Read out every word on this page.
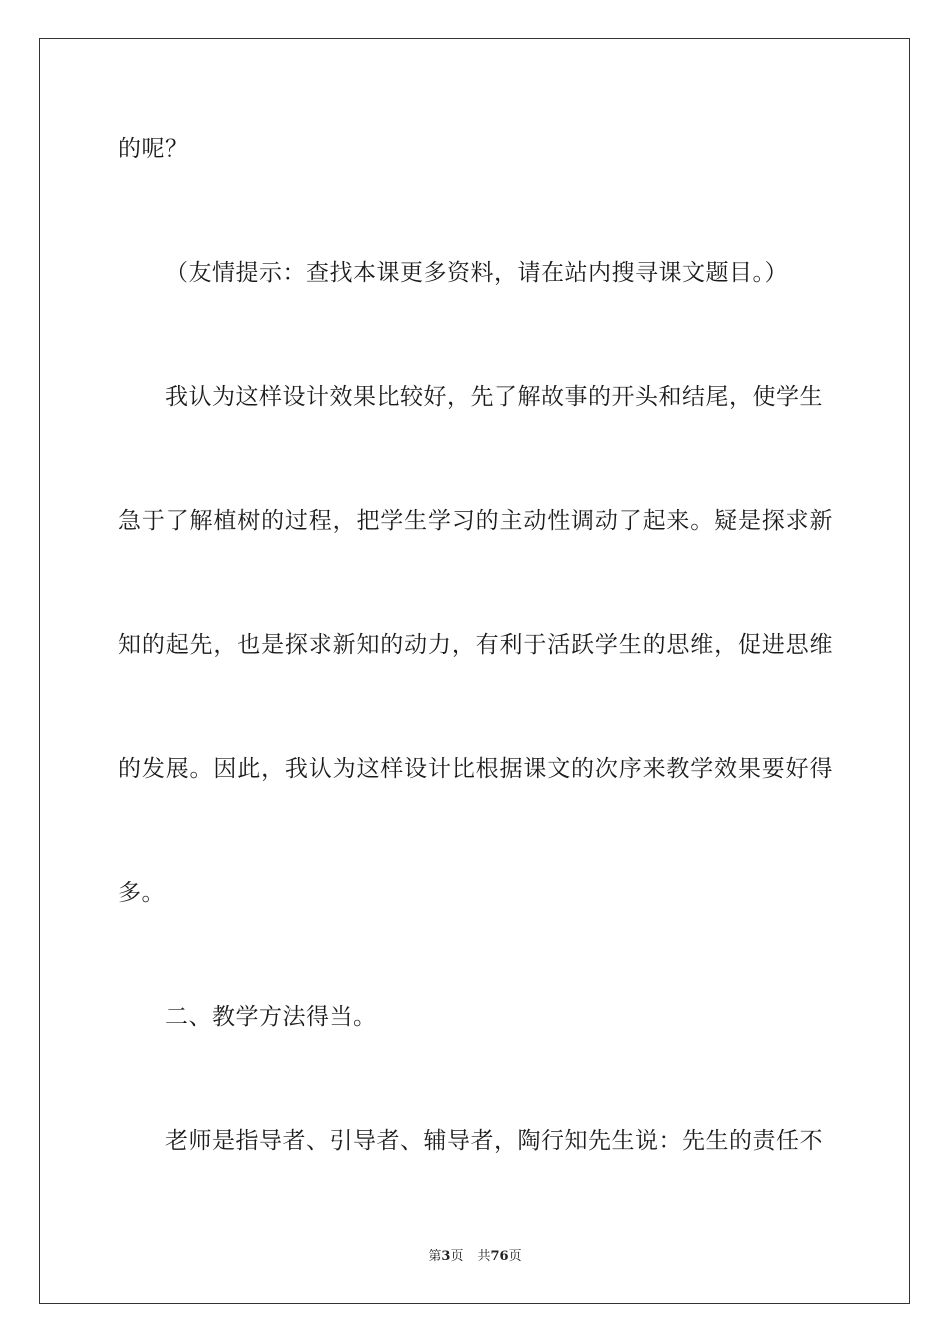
的呢？
（友情提示：查找本课更多资料，请在站内搜寻课文题目。）
我认为这样设计效果比较好，先了解故事的开头和结尾，使学生
急于了解植树的过程，把学生学习的主动性调动了起来。疑是探求新
知的起先，也是探求新知的动力，有利于活跃学生的思维，促进思维
的发展。因此，我认为这样设计比根据课文的次序来教学效果要好得
多。
二、教学方法得当。
老师是指导者、引导者、辅导者，陶行知先生说：先生的责任不
第3页 共76页
